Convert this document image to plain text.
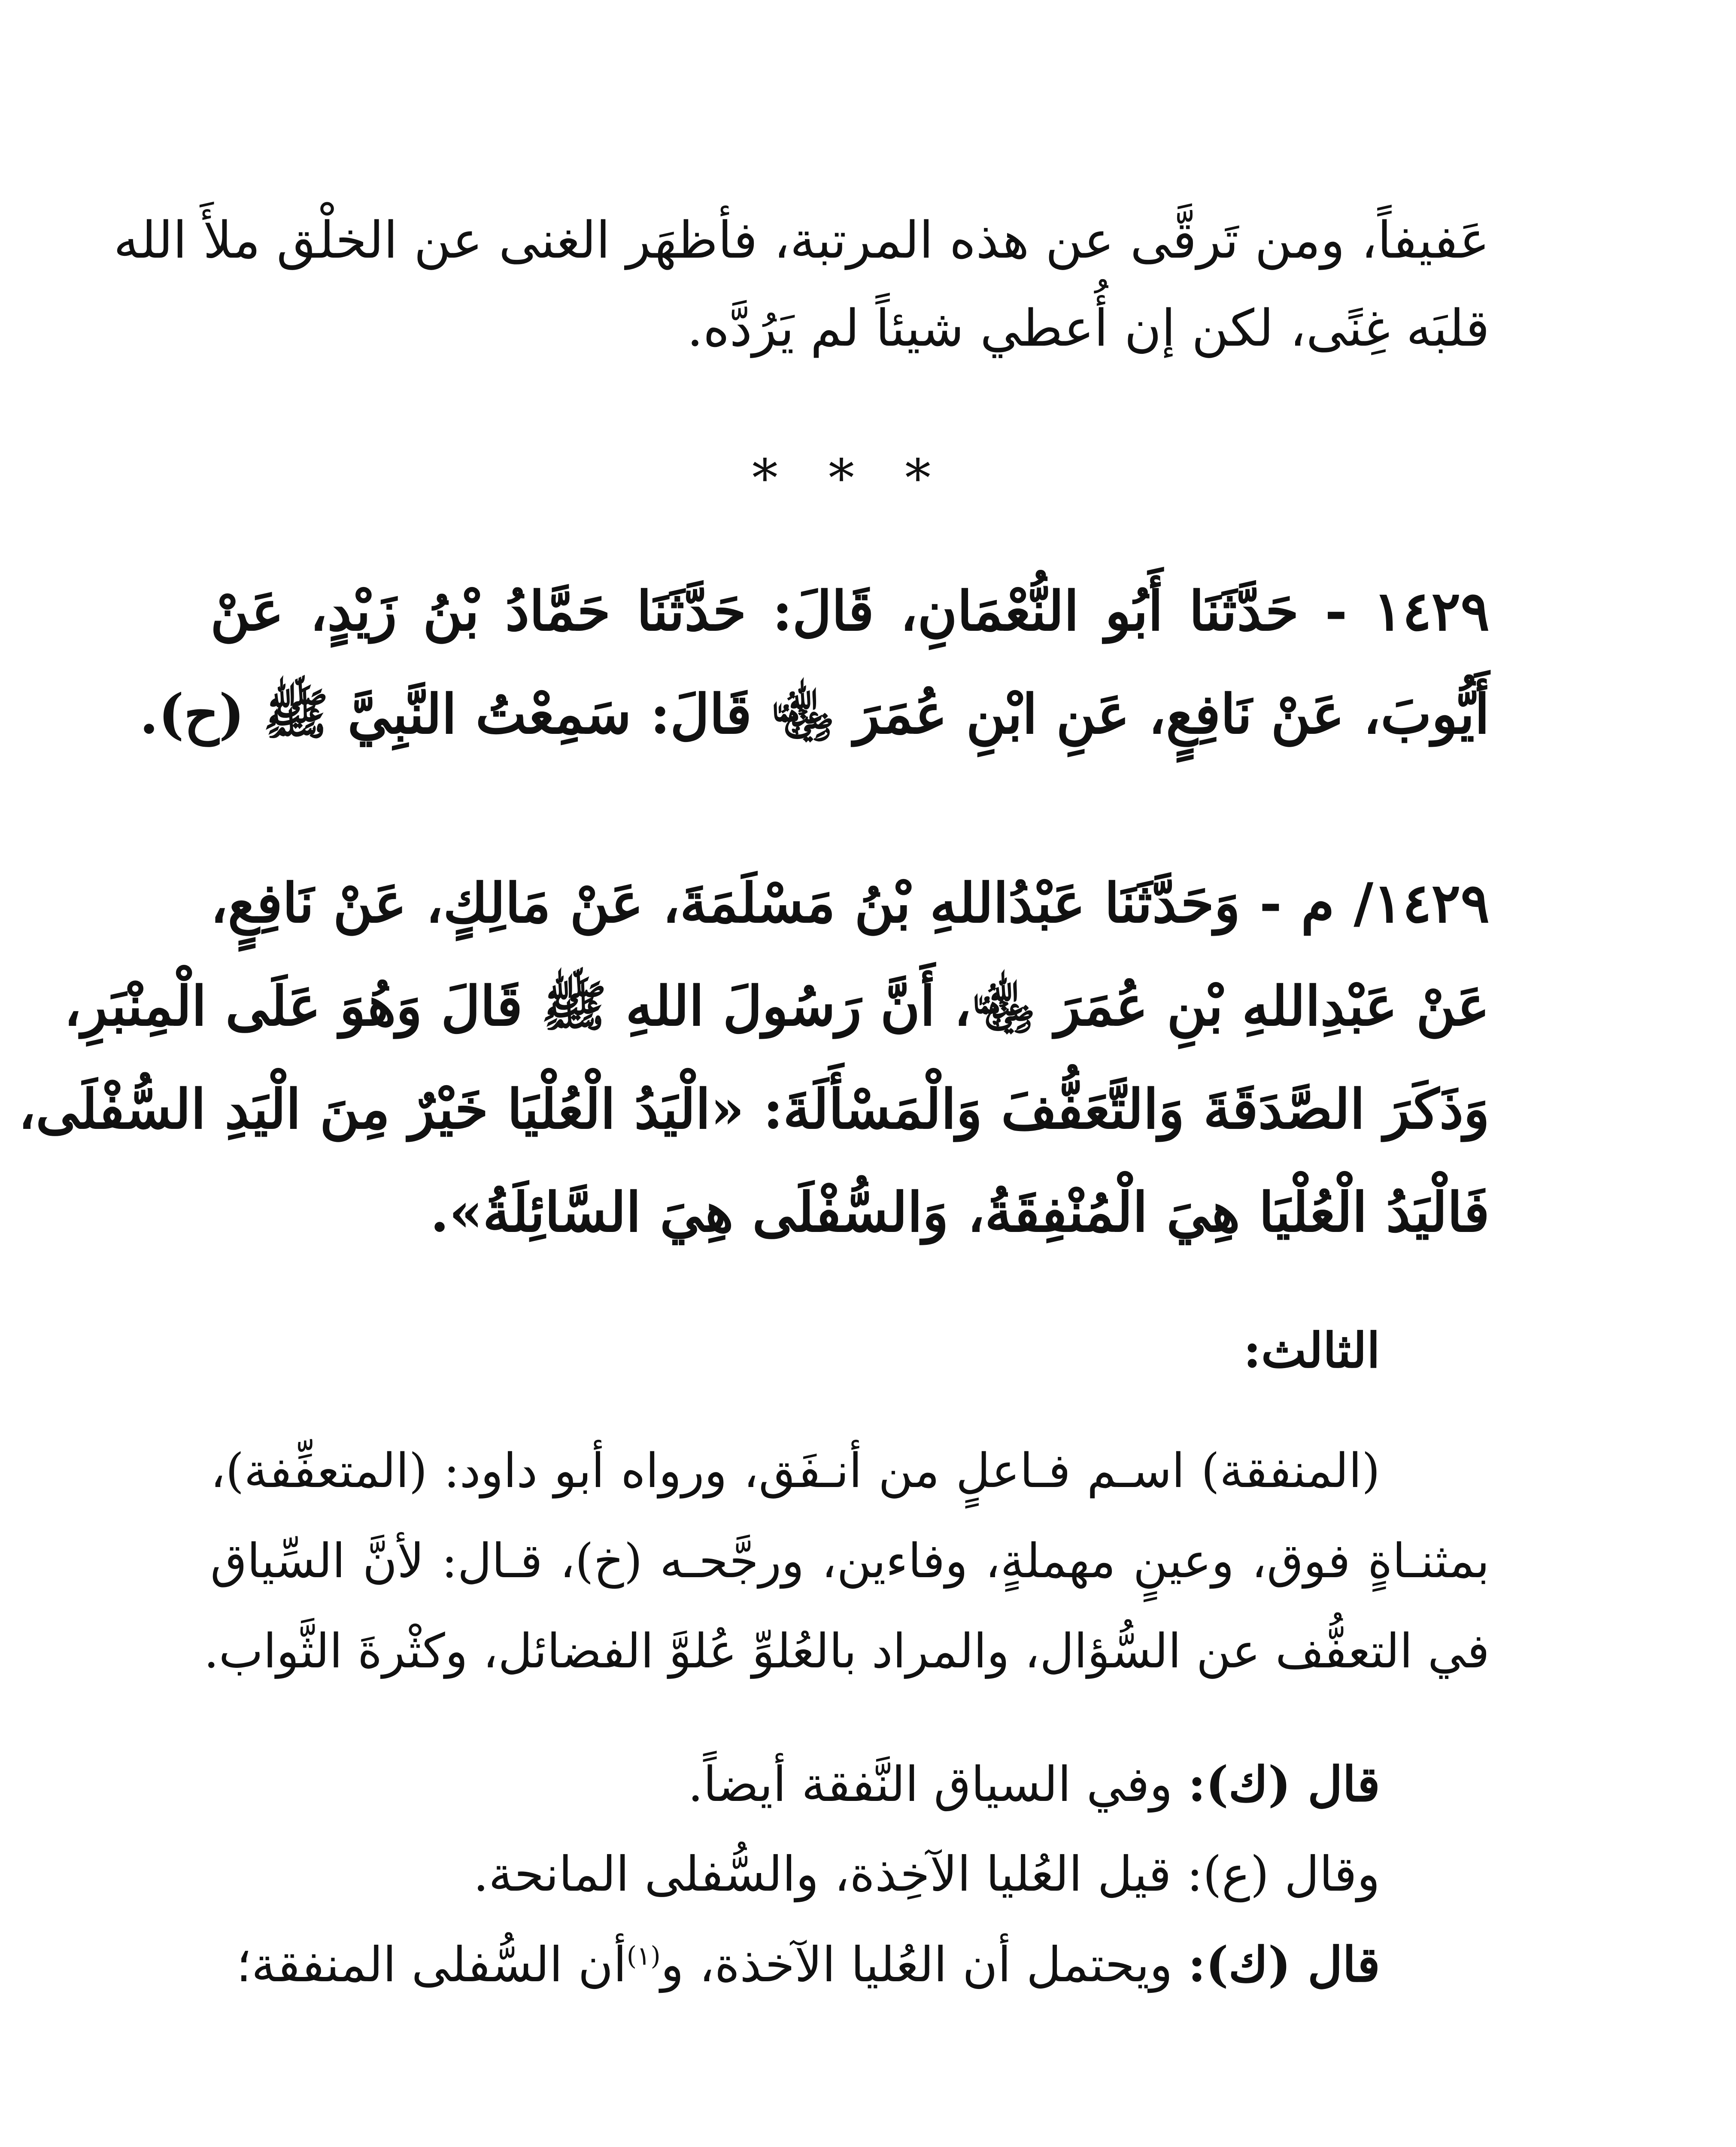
عَفيفاً، ومن تَرقَّى عن هذه المرتبة، فأظهَر الغنى عن الخلْق ملأَ الله
قلبَه غِنًى، لكن إن أُعطي شيئاً لم يَرُدَّه.
* * *
١٤٢٩ - حَدَّثَنَا أَبُو النُّعْمَانِ، قَالَ: حَدَّثَنَا حَمَّادُ بْنُ زَيْدٍ، عَنْ
أَيُّوبَ، عَنْ نَافِعٍ، عَنِ ابْنِ عُمَرَ ﵄ قَالَ: سَمِعْتُ النَّبِيَّ ﷺ (ح).
١٤٢٩/ م - وَحَدَّثَنَا عَبْدُاللهِ بْنُ مَسْلَمَةَ، عَنْ مَالِكٍ، عَنْ نَافِعٍ،
عَنْ عَبْدِاللهِ بْنِ عُمَرَ ﵄، أَنَّ رَسُولَ اللهِ ﷺ قَالَ وَهُوَ عَلَى الْمِنْبَرِ،
وَذَكَرَ الصَّدَقَةَ وَالتَّعَفُّفَ وَالْمَسْأَلَةَ: «الْيَدُ الْعُلْيَا خَيْرٌ مِنَ الْيَدِ السُّفْلَى،
فَالْيَدُ الْعُلْيَا هِيَ الْمُنْفِقَةُ، وَالسُّفْلَى هِيَ السَّائِلَةُ».
الثالث:
(المنفقة) اسـم فـاعلٍ من أنـفَق، ورواه أبو داود: (المتعفِّفة)،
بمثنـاةٍ فوق، وعينٍ مهملةٍ، وفاءين، ورجَّحـه (خ)، قـال: لأنَّ السِّياق
في التعفُّف عن السُّؤال، والمراد بالعُلوِّ عُلوَّ الفضائل، وكثْرةَ الثَّواب.
قال (ك): وفي السياق النَّفقة أيضاً.
وقال (ع): قيل العُليا الآخِذة، والسُّفلى المانحة.
قال (ك): ويحتمل أن العُليا الآخذة، و$^{(١)}$أن السُّفلى المنفقة؛
